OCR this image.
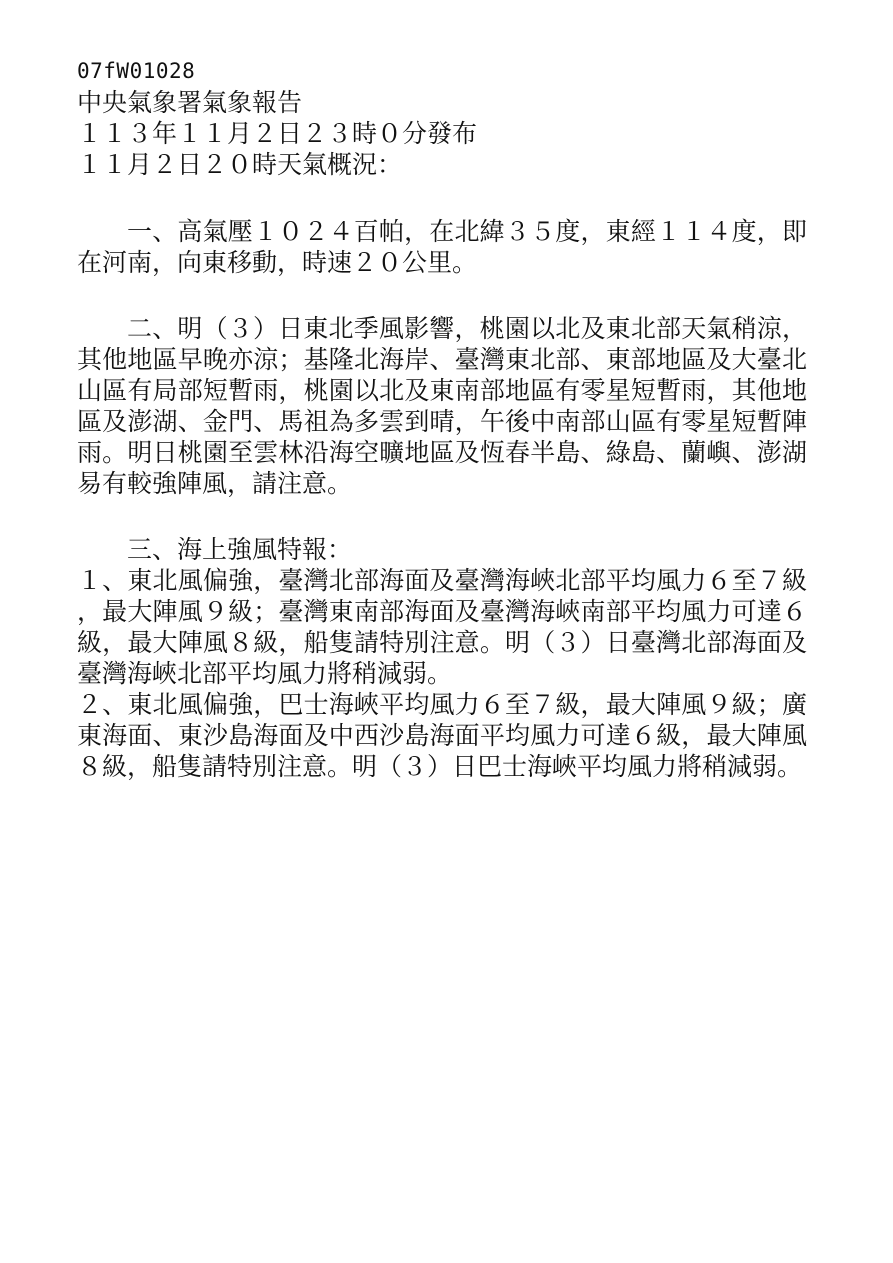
07fW01028

中央氣象署氣象報告

１１３年１１月２日２３時０分發布

１１月２日２０時天氣概況：

一、高氣壓１０２４百帕，在北緯３５度，東經１１４度，即在河南，向東移動，時速２０公里。

二、明（３）日東北季風影響，桃園以北及東北部天氣稍涼，其他地區早晚亦涼；基隆北海岸、臺灣東北部、東部地區及大臺北山區有局部短暫雨，桃園以北及東南部地區有零星短暫雨，其他地區及澎湖、金門、馬祖為多雲到晴，午後中南部山區有零星短暫陣雨。明日桃園至雲林沿海空曠地區及恆春半島、綠島、蘭嶼、澎湖易有較強陣風，請注意。

三、海上強風特報：

１、東北風偏強，臺灣北部海面及臺灣海峽北部平均風力６至７級，最大陣風９級；臺灣東南部海面及臺灣海峽南部平均風力可達６級，最大陣風８級，船隻請特別注意。明（３）日臺灣北部海面及臺灣海峽北部平均風力將稍減弱。

２、東北風偏強，巴士海峽平均風力６至７級，最大陣風９級；廣東海面、東沙島海面及中西沙島海面平均風力可達６級，最大陣風８級，船隻請特別注意。明（３）日巴士海峽平均風力將稍減弱。
